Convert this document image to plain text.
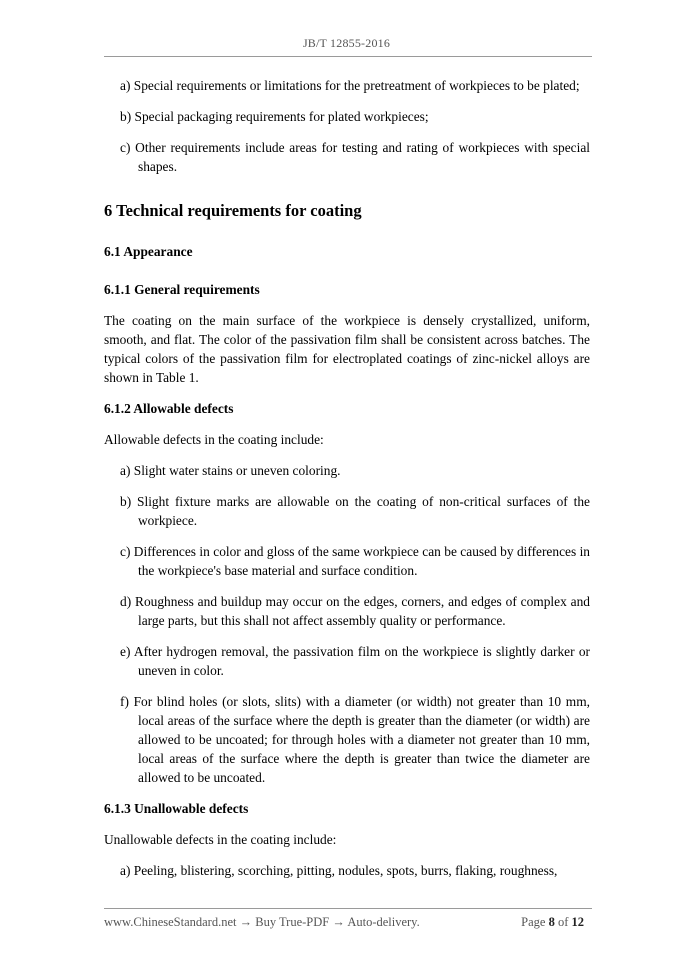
JB/T 12855-2016

a) Special requirements or limitations for the pretreatment of workpieces to be plated;

b) Special packaging requirements for plated workpieces;

c) Other requirements include areas for testing and rating of workpieces with special shapes.

6 Technical requirements for coating
6.1 Appearance
6.1.1 General requirements

The coating on the main surface of the workpiece is densely crystallized, uniform, smooth, and flat. The color of the passivation film shall be consistent across batches. The typical colors of the passivation film for electroplated coatings of zinc-nickel alloys are shown in Table 1.

6.1.2 Allowable defects

Allowable defects in the coating include:

a) Slight water stains or uneven coloring.

b) Slight fixture marks are allowable on the coating of non-critical surfaces of the workpiece.

c) Differences in color and gloss of the same workpiece can be caused by differences in the workpiece's base material and surface condition.

d) Roughness and buildup may occur on the edges, corners, and edges of complex and large parts, but this shall not affect assembly quality or performance.

e) After hydrogen removal, the passivation film on the workpiece is slightly darker or uneven in color.

f) For blind holes (or slots, slits) with a diameter (or width) not greater than 10 mm, local areas of the surface where the depth is greater than the diameter (or width) are allowed to be uncoated; for through holes with a diameter not greater than 10 mm, local areas of the surface where the depth is greater than twice the diameter are allowed to be uncoated.

6.1.3 Unallowable defects

Unallowable defects in the coating include:

a) Peeling, blistering, scorching, pitting, nodules, spots, burrs, flaking, roughness,

www.ChineseStandard.net → Buy True-PDF → Auto-delivery.	Page 8 of 12
